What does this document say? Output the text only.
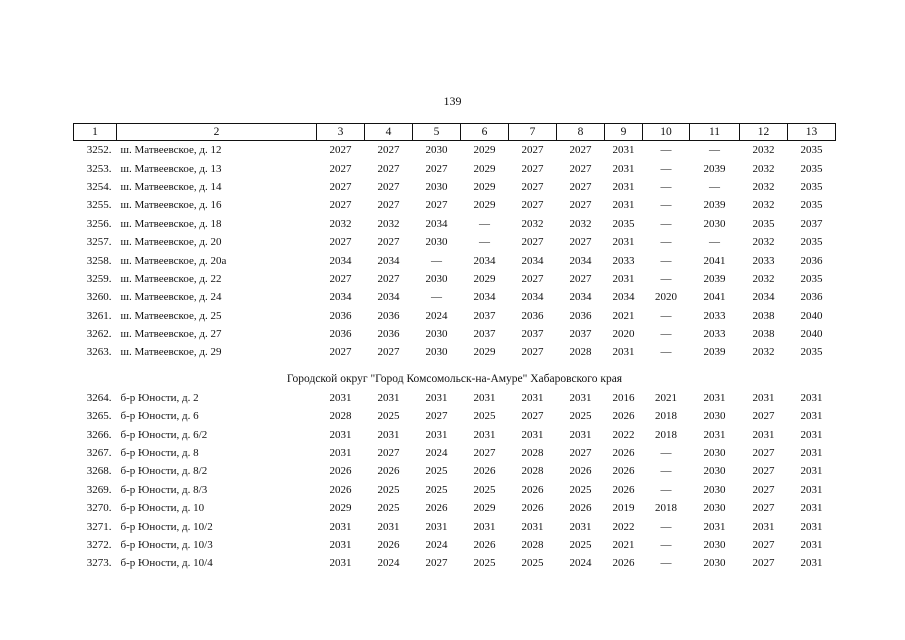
139
1	2	3	4	5	6	7	8	9	10	11	12	13
3252.	ш. Матвеевское, д. 12	2027	2027	2030	2029	2027	2027	2031	—	—	2032	2035
3253.	ш. Матвеевское, д. 13	2027	2027	2027	2029	2027	2027	2031	—	2039	2032	2035
3254.	ш. Матвеевское, д. 14	2027	2027	2030	2029	2027	2027	2031	—	—	2032	2035
3255.	ш. Матвеевское, д. 16	2027	2027	2027	2029	2027	2027	2031	—	2039	2032	2035
3256.	ш. Матвеевское, д. 18	2032	2032	2034	—	2032	2032	2035	—	2030	2035	2037
3257.	ш. Матвеевское, д. 20	2027	2027	2030	—	2027	2027	2031	—	—	2032	2035
3258.	ш. Матвеевское, д. 20а	2034	2034	—	2034	2034	2034	2033	—	2041	2033	2036
3259.	ш. Матвеевское, д. 22	2027	2027	2030	2029	2027	2027	2031	—	2039	2032	2035
3260.	ш. Матвеевское, д. 24	2034	2034	—	2034	2034	2034	2034	2020	2041	2034	2036
3261.	ш. Матвеевское, д. 25	2036	2036	2024	2037	2036	2036	2021	—	2033	2038	2040
3262.	ш. Матвеевское, д. 27	2036	2036	2030	2037	2037	2037	2020	—	2033	2038	2040
3263.	ш. Матвеевское, д. 29	2027	2027	2030	2029	2027	2028	2031	—	2039	2032	2035
Городской округ "Город Комсомольск-на-Амуре" Хабаровского края												
3264.	б-р Юности, д. 2	2031	2031	2031	2031	2031	2031	2016	2021	2031	2031	2031
3265.	б-р Юности, д. 6	2028	2025	2027	2025	2027	2025	2026	2018	2030	2027	2031
3266.	б-р Юности, д. 6/2	2031	2031	2031	2031	2031	2031	2022	2018	2031	2031	2031
3267.	б-р Юности, д. 8	2031	2027	2024	2027	2028	2027	2026	—	2030	2027	2031
3268.	б-р Юности, д. 8/2	2026	2026	2025	2026	2028	2026	2026	—	2030	2027	2031
3269.	б-р Юности, д. 8/3	2026	2025	2025	2025	2026	2025	2026	—	2030	2027	2031
3270.	б-р Юности, д. 10	2029	2025	2026	2029	2026	2026	2019	2018	2030	2027	2031
3271.	б-р Юности, д. 10/2	2031	2031	2031	2031	2031	2031	2022	—	2031	2031	2031
3272.	б-р Юности, д. 10/3	2031	2026	2024	2026	2028	2025	2021	—	2030	2027	2031
3273.	б-р Юности, д. 10/4	2031	2024	2027	2025	2025	2024	2026	—	2030	2027	2031
